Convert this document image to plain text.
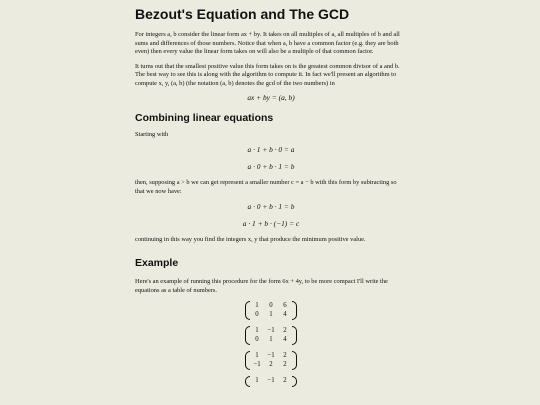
Bezout's Equation and The GCD

For integers a, b consider the linear form ax + by. It takes on all multiples of a, all multiples of b and all sums and differences of those numbers. Notice that when a, b have a common factor (e.g. they are both even) then every value the linear form takes on will also be a multiple of that common factor.

It turns out that the smallest positive value this form takes on is the greatest common divisor of a and b. The best way to see this is along with the algorithm to compute it. In fact we'll present an algorithm to compute x, y, (a, b) (the notation (a, b) denotes the gcd of the two numbers) in

ax + by = (a, b)
Combining linear equations

Starting with

a · 1 + b · 0 = a
a · 0 + b · 1 = b

then, supposing a > b we can get represent a smaller number c = a − b with this form by subtracting so that we now have:

a · 0 + b · 1 = b
a · 1 + b · (−1) = c

continuing in this way you find the integers x, y that produce the minimum positive value.

Example

Here's an example of running this procedure for the form 6x + 4y, to be more compact I'll write the equations as a table of numbers.

1	0	6
0	1	4
1	−1	2
0	1	4
1	−1	2
−1	2	2
1	−1	2
